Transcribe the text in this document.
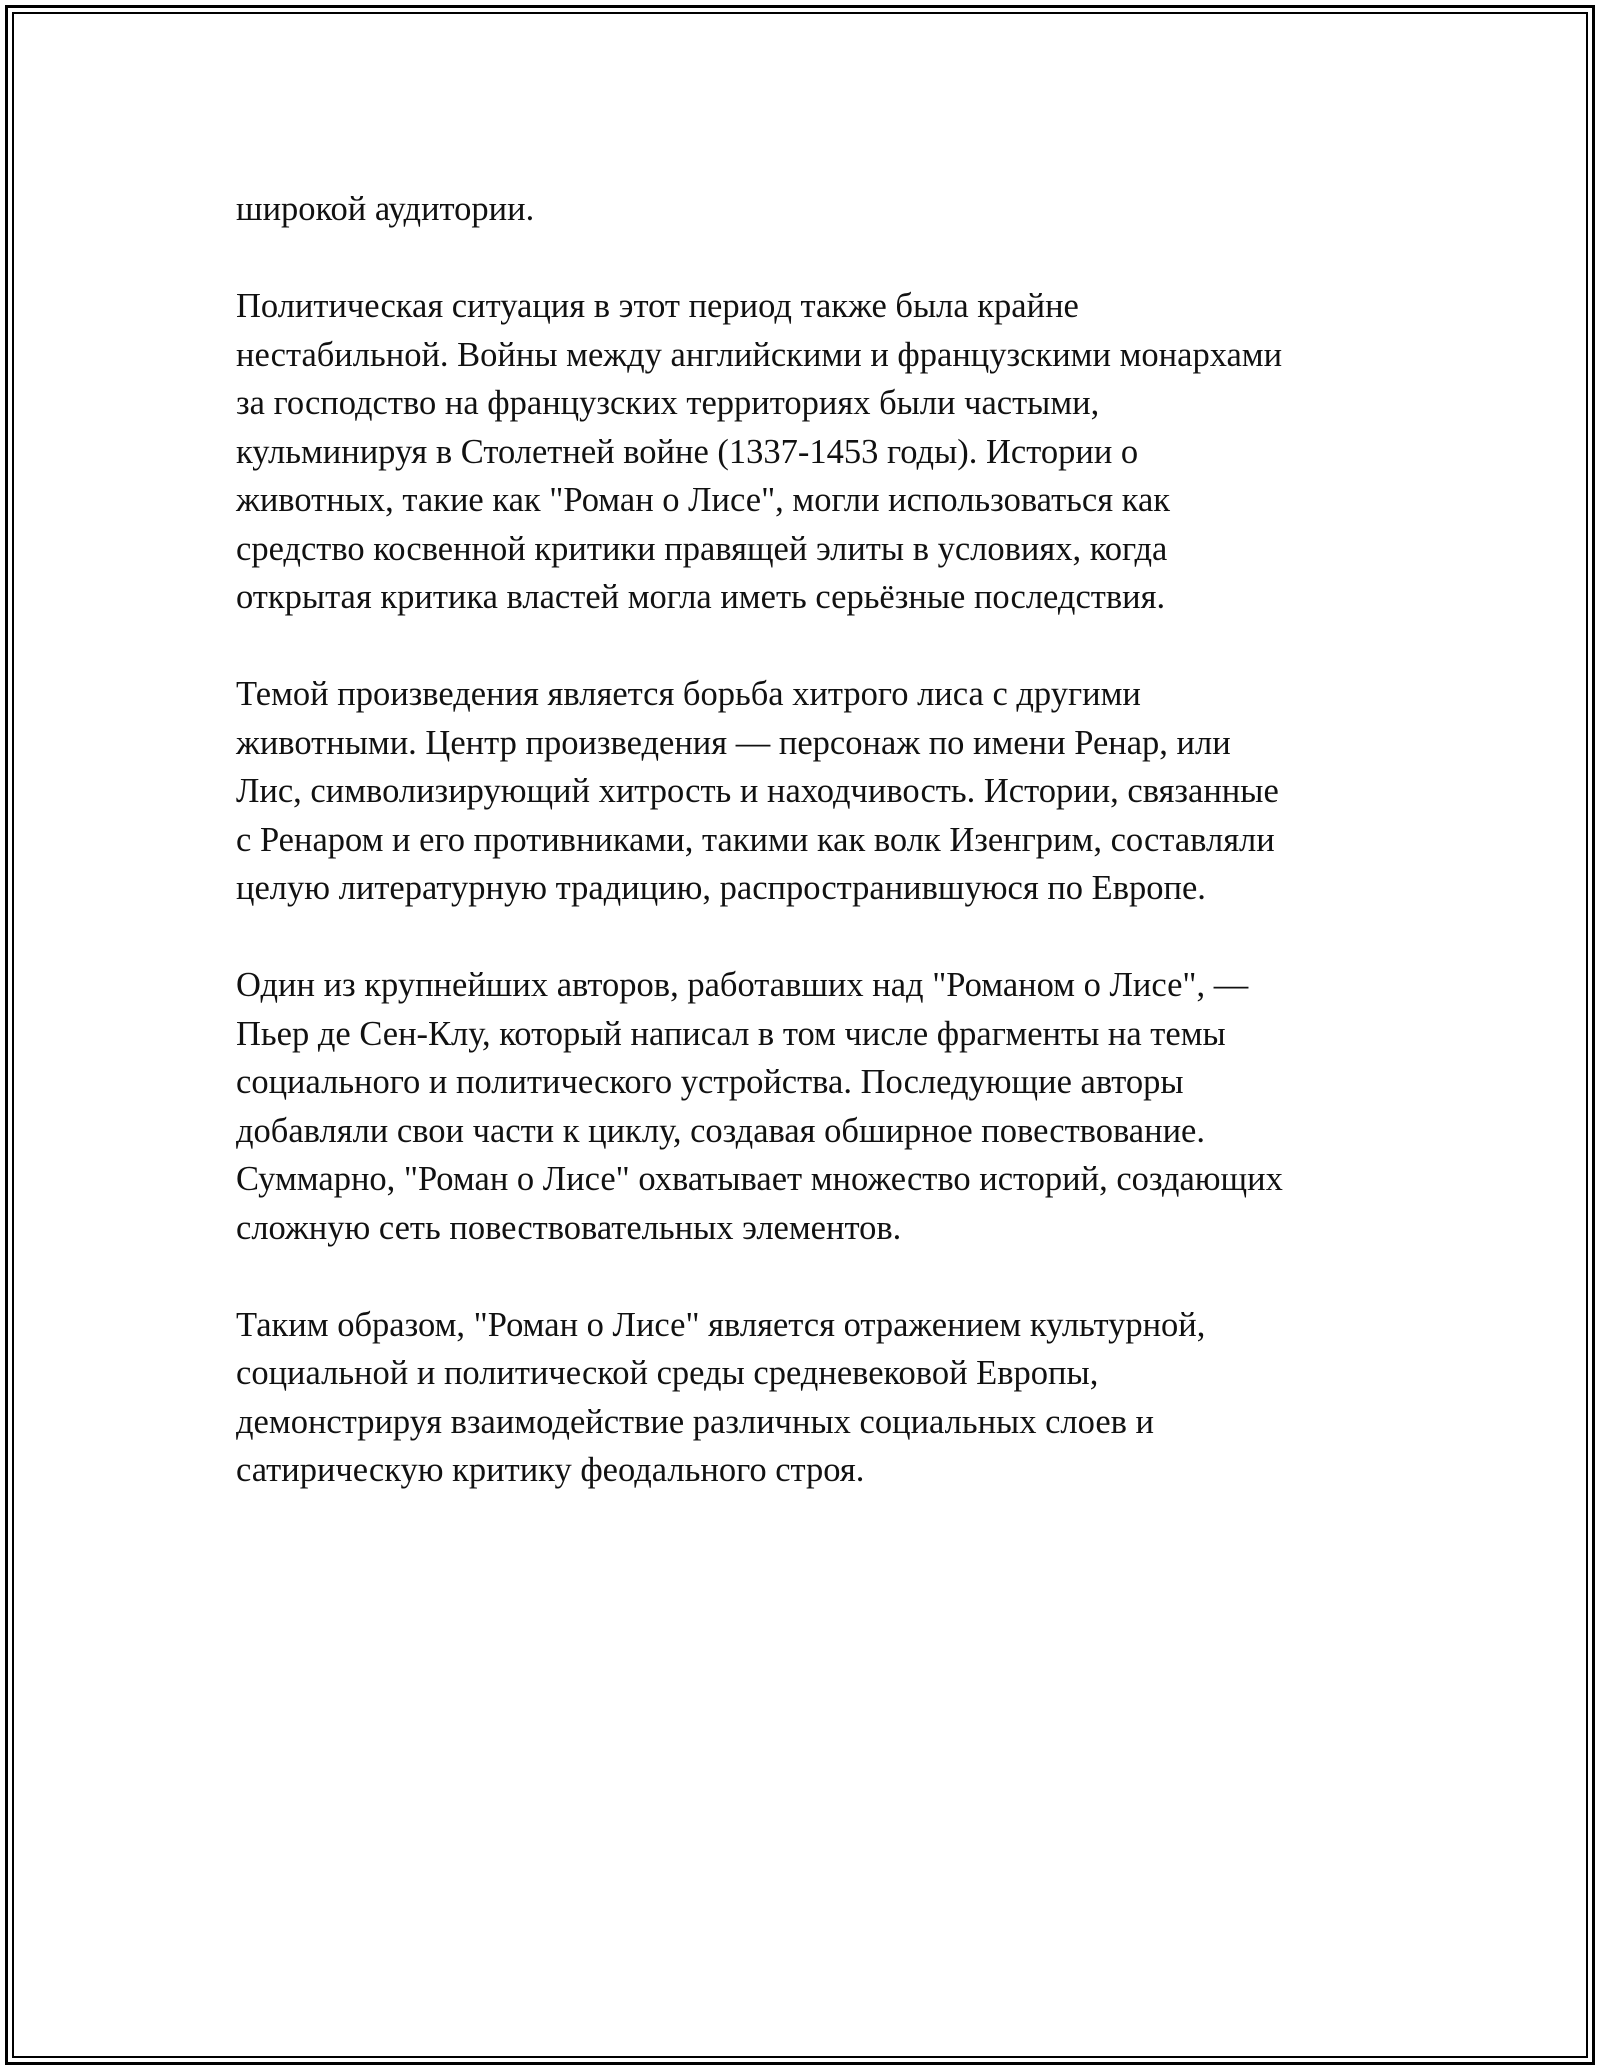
широкой аудитории.

Политическая ситуация в этот период также была крайне
нестабильной. Войны между английскими и французскими монархами
за господство на французских территориях были частыми,
кульминируя в Столетней войне (1337-1453 годы). Истории о
животных, такие как "Роман о Лисе", могли использоваться как
средство косвенной критики правящей элиты в условиях, когда
открытая критика властей могла иметь серьёзные последствия.

Темой произведения является борьба хитрого лиса с другими
животными. Центр произведения — персонаж по имени Ренар, или
Лис, символизирующий хитрость и находчивость. Истории, связанные
с Ренаром и его противниками, такими как волк Изенгрим, составляли
целую литературную традицию, распространившуюся по Европе.

Один из крупнейших авторов, работавших над "Романом о Лисе", —
Пьер де Сен-Клу, который написал в том числе фрагменты на темы
социального и политического устройства. Последующие авторы
добавляли свои части к циклу, создавая обширное повествование.
Суммарно, "Роман о Лисе" охватывает множество историй, создающих
сложную сеть повествовательных элементов.

Таким образом, "Роман о Лисе" является отражением культурной,
социальной и политической среды средневековой Европы,
демонстрируя взаимодействие различных социальных слоев и
сатирическую критику феодального строя.
